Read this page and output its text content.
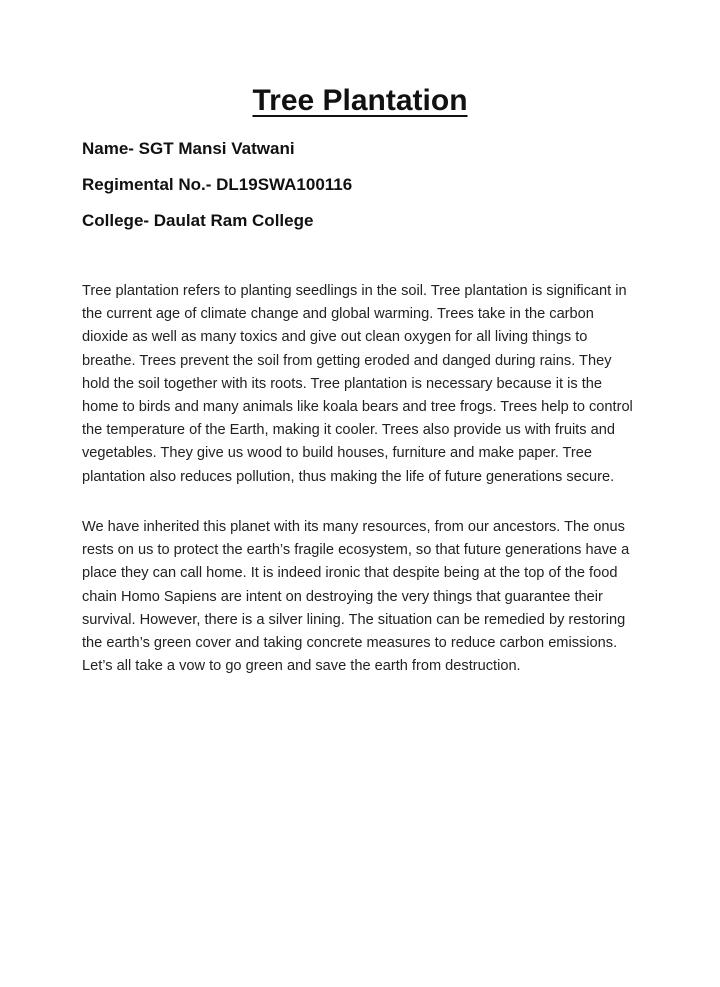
Tree Plantation
Name- SGT Mansi Vatwani
Regimental No.- DL19SWA100116
College- Daulat Ram College

Tree plantation refers to planting seedlings in the soil. Tree plantation is significant in the current age of climate change and global warming. Trees take in the carbon dioxide as well as many toxics and give out clean oxygen for all living things to breathe. Trees prevent the soil from getting eroded and danged during rains. They hold the soil together with its roots. Tree plantation is necessary because it is the home to birds and many animals like koala bears and tree frogs. Trees help to control the temperature of the Earth, making it cooler. Trees also provide us with fruits and vegetables. They give us wood to build houses, furniture and make paper. Tree plantation also reduces pollution, thus making the life of future generations secure.

We have inherited this planet with its many resources, from our ancestors. The onus rests on us to protect the earth’s fragile ecosystem, so that future generations have a place they can call home. It is indeed ironic that despite being at the top of the food chain Homo Sapiens are intent on destroying the very things that guarantee their survival. However, there is a silver lining. The situation can be remedied by restoring the earth’s green cover and taking concrete measures to reduce carbon emissions. Let’s all take a vow to go green and save the earth from destruction.
